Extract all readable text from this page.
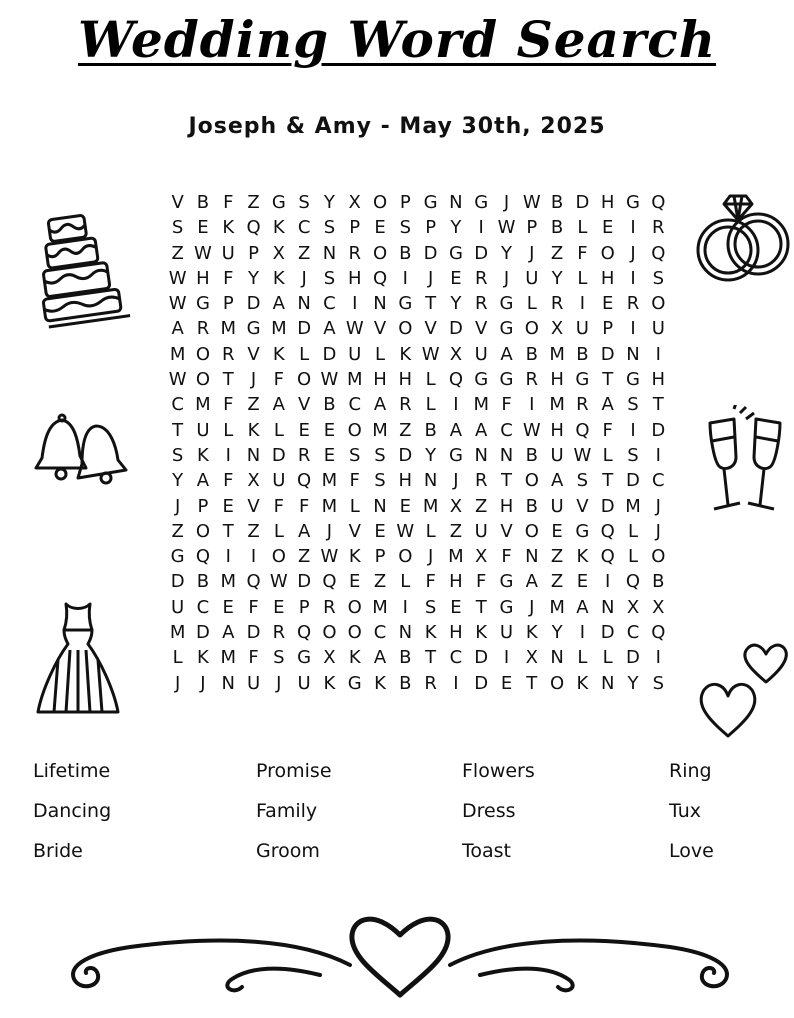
Wedding Word Search
Joseph & Amy - May 30th, 2025
V B F Z G S Y X O P G N G J W B D H G Q
S E K Q K C S P E S P Y I W P B L E I R
Z W U P X Z N R O B D G D Y J Z F O J Q
W H F Y K J S H Q I	J E R J U Y L H I S
W G P D A N C I N G T Y R G L R I E R O
A R M G M D A W V O V D V G O X U P I U
M O R V K L D U L K W X U A B M B D N I
W O T J F O W M H H L Q G G R H G T G H
C M F Z A V B C A R L I M F I M R A S T
T U L K L E E O M Z B A A C W H Q F I D
S K I N D R E S S D Y G N N B U W L S I
Y A F X U Q M F S H N J R T O A S T D C
J P E V F F M L N E M X Z H B U V D M J
Z O T Z L A J V E W L Z U V O E G Q L J
G Q I	I O Z W K P O J M X F N Z K Q L O
D B M Q W D Q E Z L F H F G A Z E I Q B
U C E F E P R O M I S E T G J M A N X X
M D A D R Q O O C N K H K U K Y I D C Q
L K M F S G X K A B T C D I X N L L D I
J	J N U J U K G K B R I D E T O K N Y S
Lifetime	Promise	Flowers	Ring
Dancing	Family	Dress	Tux
Bride	Groom	Toast	Love
